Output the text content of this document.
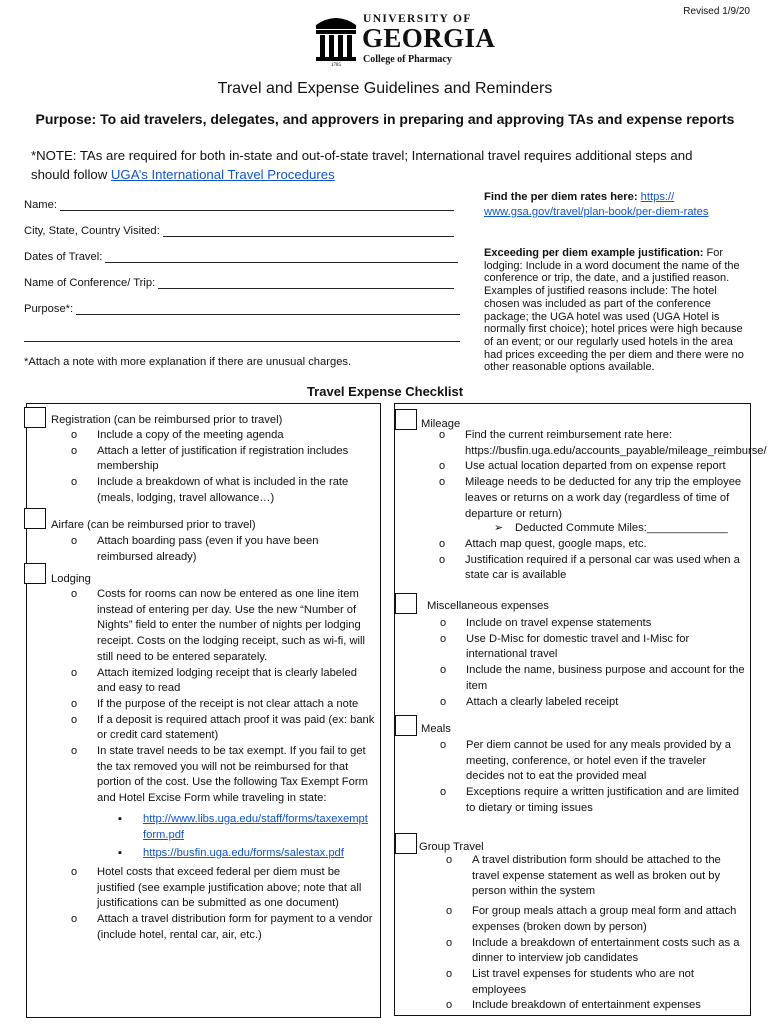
Revised 1/9/20
1785
UNIVERSITY OF
GEORGIA
College of Pharmacy
Travel and Expense Guidelines and Reminders
Purpose: To aid travelers, delegates, and approvers in preparing and approving TAs and expense reports
*NOTE: TAs are required for both in-state and out-of-state travel; International travel requires additional steps and should follow UGA’s International Travel Procedures
Name:
City, State, Country Visited:
Dates of Travel:
Name of Conference/ Trip:
Purpose*:
*Attach a note with more explanation if there are unusual charges.
Find the per diem rates here: https://
www.gsa.gov/travel/plan-book/per-diem-rates
Exceeding per diem example justification: For lodging: Include in a word document the name of the conference or trip, the date, and a justified reason. Examples of justified reasons include: The hotel chosen was included as part of the conference package; the UGA hotel was used (UGA Hotel is normally first choice); hotel prices were high because of an event; or our regularly used hotels in the area had prices exceeding the per diem and there were no other reasonable options available.
Travel Expense Checklist
Registration (can be reimbursed prior to travel)
o Include a copy of the meeting agenda
o Attach a letter of justification if registration includes membership
o Include a breakdown of what is included in the rate (meals, lodging, travel allowance…)
Airfare (can be reimbursed prior to travel)
o Attach boarding pass (even if you have been reimbursed already)
Lodging
o Costs for rooms can now be entered as one line item instead of entering per day. Use the new “Number of Nights” field to enter the number of nights per lodging receipt. Costs on the lodging receipt, such as wi-fi, will still need to be entered separately.
o Attach itemized lodging receipt that is clearly labeled and easy to read
o If the purpose of the receipt is not clear attach a note
o If a deposit is required attach proof it was paid (ex: bank or credit card statement)
o In state travel needs to be tax exempt. If you fail to get the tax removed you will not be reimbursed for that portion of the cost. Use the following Tax Exempt Form and Hotel Excise Form while traveling in state:
▪ http://www.libs.uga.edu/staff/forms/taxexemptform.pdf
▪ https://busfin.uga.edu/forms/salestax.pdf
o Hotel costs that exceed federal per diem must be justified (see example justification above; note that all justifications can be submitted as one document)
o Attach a travel distribution form for payment to a vendor (include hotel, rental car, air, etc.)
Mileage
o Find the current reimbursement rate here: https://busfin.uga.edu/accounts_payable/mileage_reimburse/
o Use actual location departed from on expense report
o Mileage needs to be deducted for any trip the employee leaves or returns on a work day (regardless of time of departure or return)
➢ Deducted Commute Miles:_____________
o Attach map quest, google maps, etc.
o Justification required if a personal car was used when a state car is available
Miscellaneous expenses
o Include on travel expense statements
o Use D-Misc for domestic travel and I-Misc for international travel
o Include the name, business purpose and account for the item
o Attach a clearly labeled receipt
Meals
o Per diem cannot be used for any meals provided by a meeting, conference, or hotel even if the traveler decides not to eat the provided meal
o Exceptions require a written justification and are limited to dietary or timing issues
Group Travel
o A travel distribution form should be attached to the travel expense statement as well as broken out by person within the system
o For group meals attach a group meal form and attach expenses (broken down by person)
o Include a breakdown of entertainment costs such as a dinner to interview job candidates
o List travel expenses for students who are not employees
o Include breakdown of entertainment expenses
